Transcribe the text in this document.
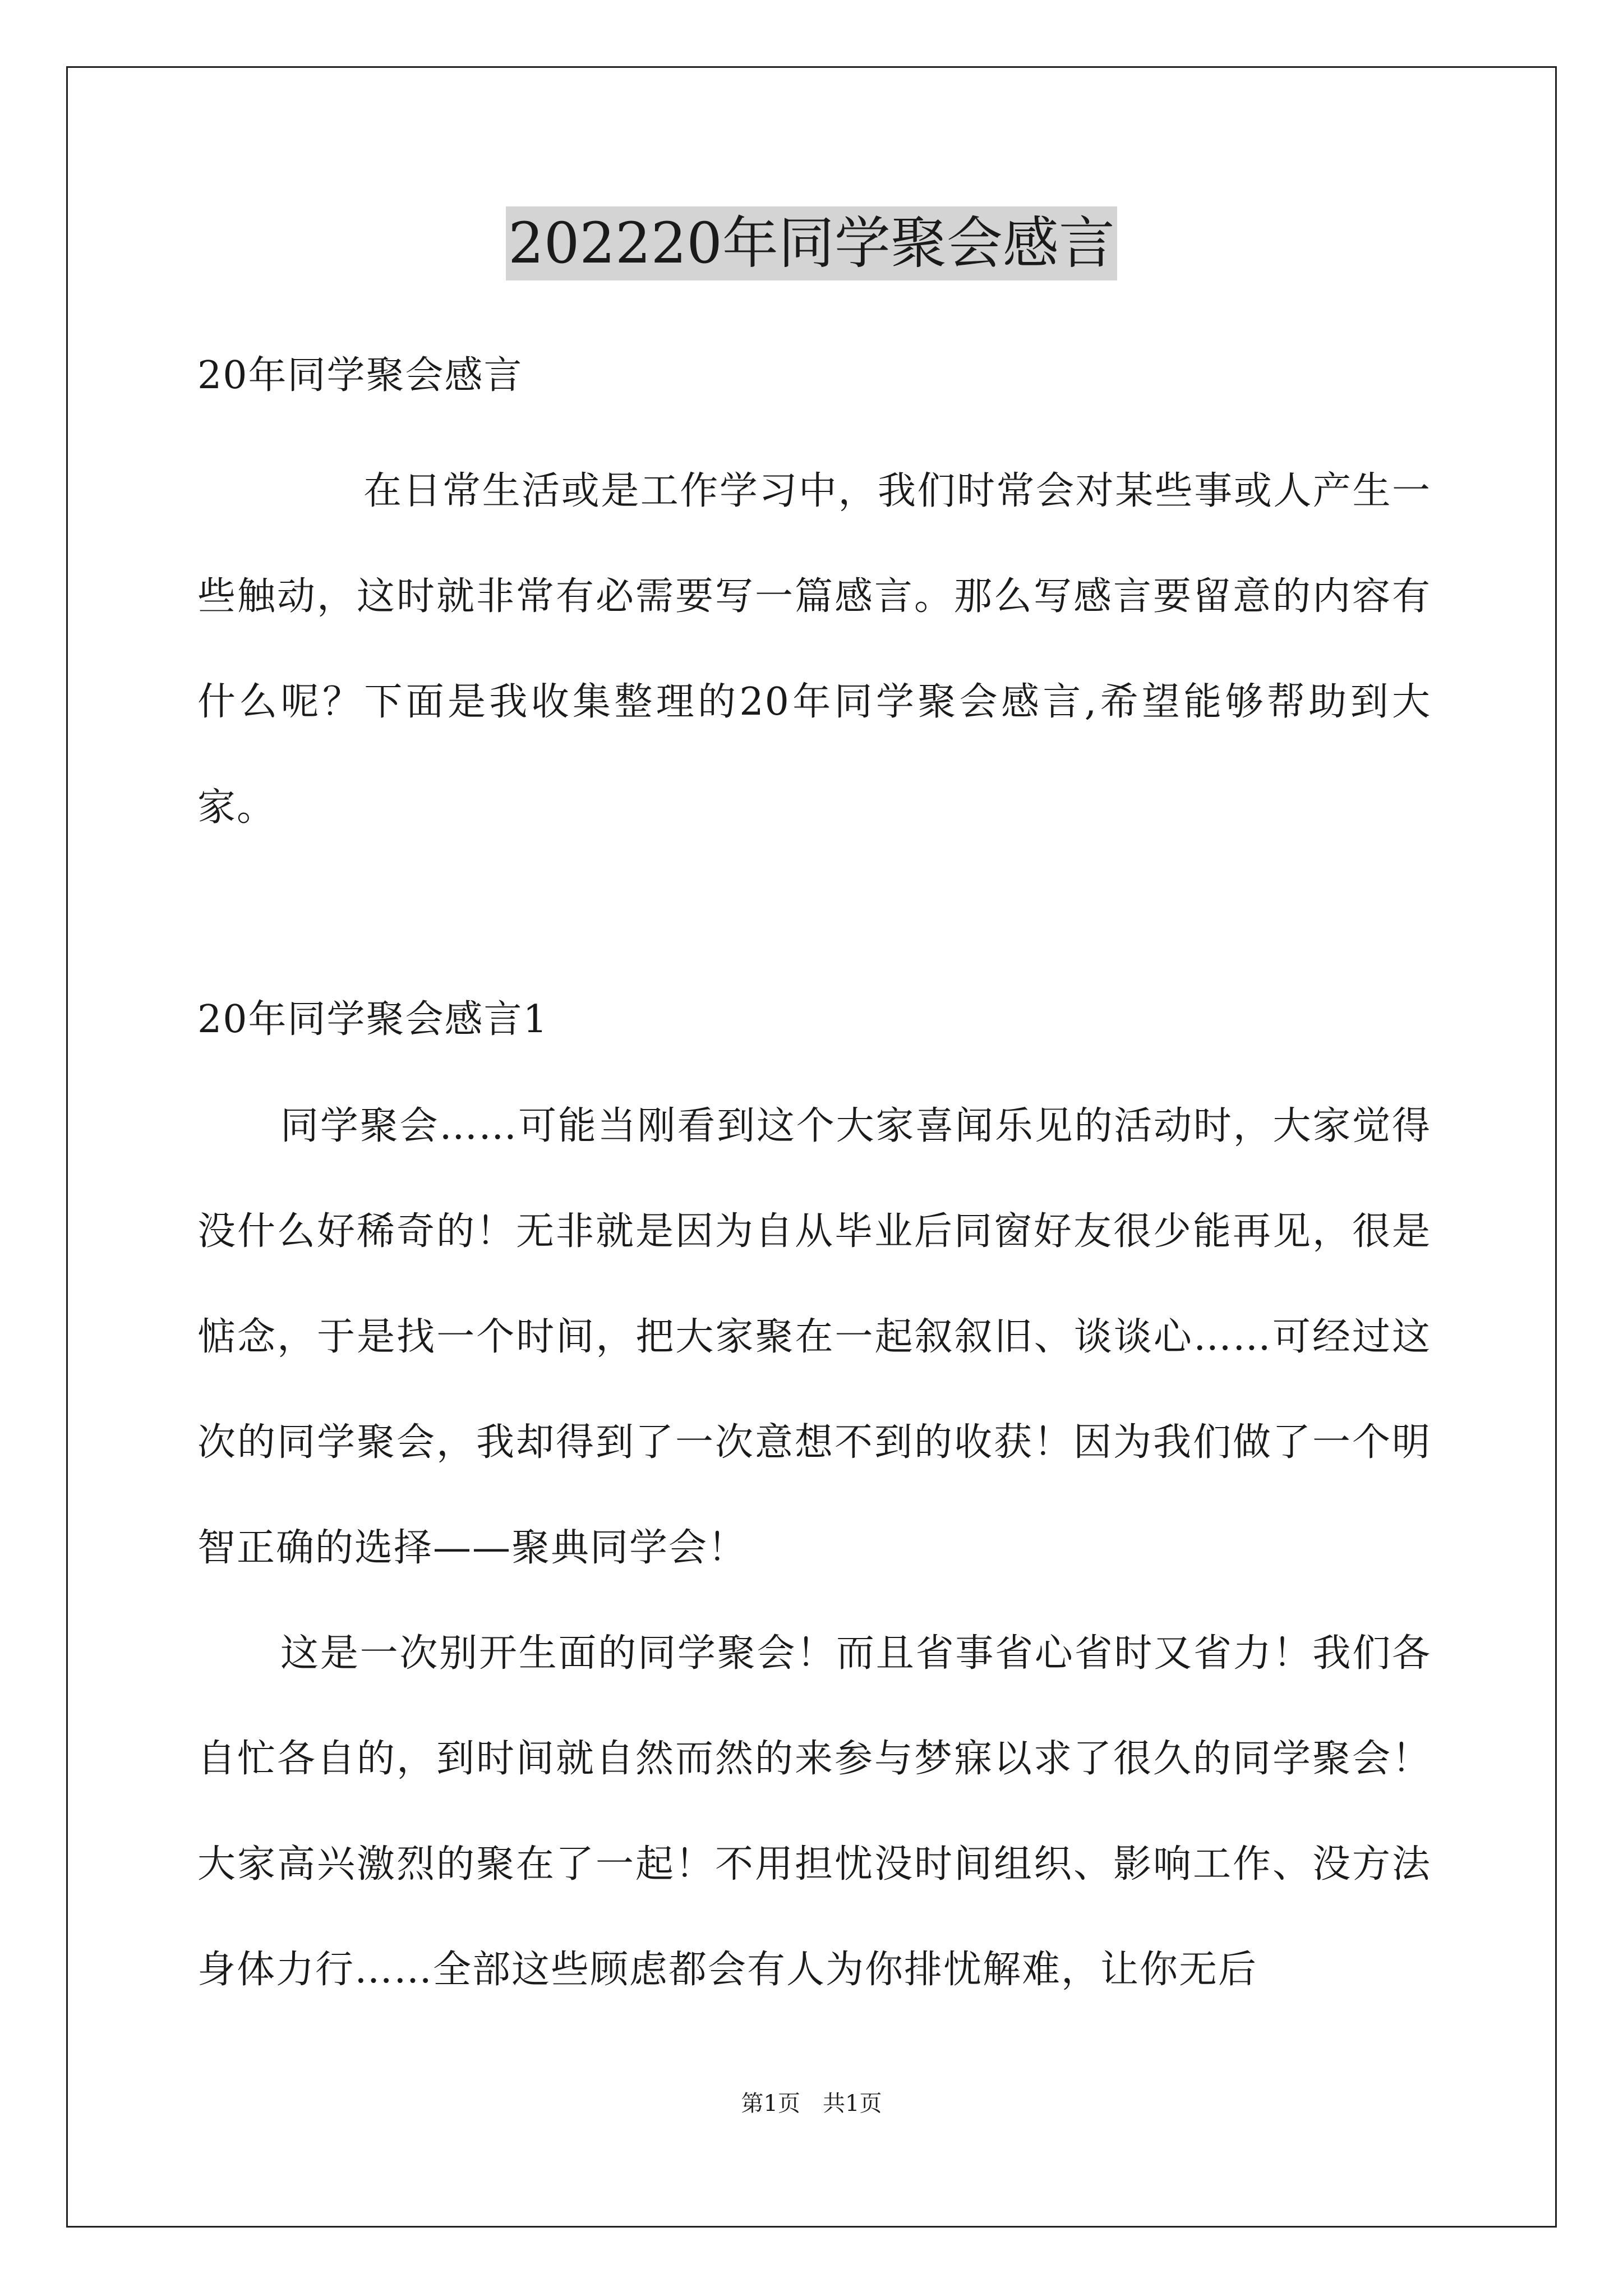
202220年同学聚会感言
20年同学聚会感言

在日常生活或是工作学习中，我们时常会对某些事或人产生一些触动，这时就非常有必需要写一篇感言。那么写感言要留意的内容有什么呢？下面是我收集整理的20年同学聚会感言,希望能够帮助到大家。

20年同学聚会感言1

同学聚会……可能当刚看到这个大家喜闻乐见的活动时，大家觉得没什么好稀奇的！无非就是因为自从毕业后同窗好友很少能再见，很是惦念，于是找一个时间，把大家聚在一起叙叙旧、谈谈心……可经过这次的同学聚会，我却得到了一次意想不到的收获！因为我们做了一个明智正确的选择——聚典同学会！

这是一次别开生面的同学聚会！而且省事省心省时又省力！我们各自忙各自的，到时间就自然而然的来参与梦寐以求了很久的同学聚会！大家高兴激烈的聚在了一起！不用担忧没时间组织、影响工作、没方法身体力行……全部这些顾虑都会有人为你排忧解难，让你无后

第1页 共1页
